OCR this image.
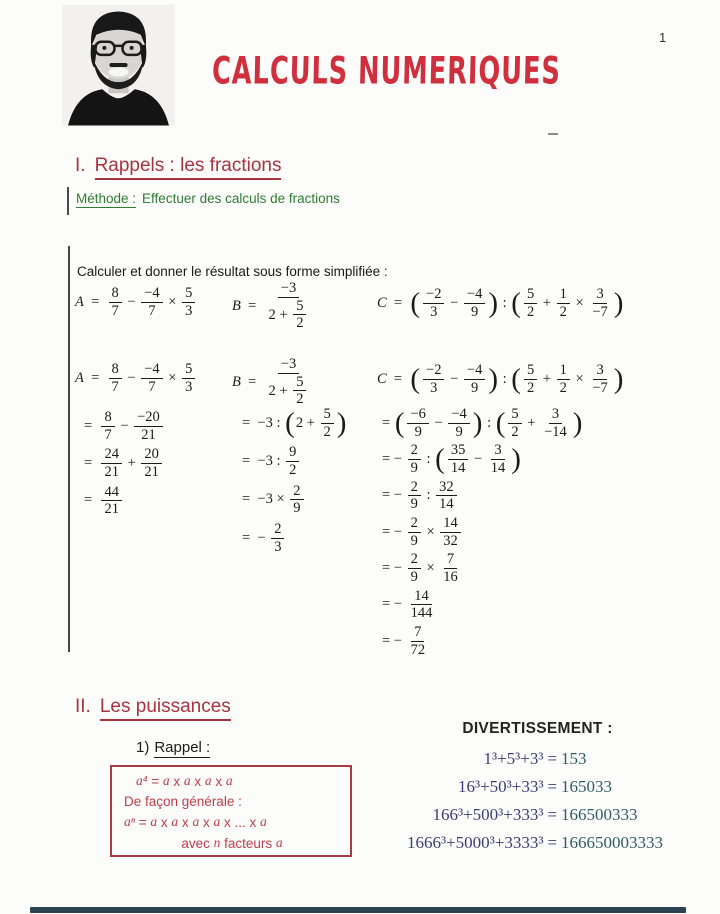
CALCULS NUMERIQUES
1
I. Rappels : les fractions
Méthode : Effectuer des calculs de fractions
Calculer et donner le résultat sous forme simplifiée :
$A = \frac{8}{7} - \frac{-4}{7} \times \frac{5}{3}$	$B = \frac{-3}{2 + \frac{5}{2}}$	C = ( $\frac{-2}{3} - \frac{-4}{9}$ ) : ( $\frac{5}{2} + \frac{1}{2} \times \frac{3}{-7}$ )
$A = \frac{8}{7} - \frac{-4}{7} \times \frac{5}{3}$	$B = \frac{-3}{2 + \frac{5}{2}}$	C = ( $\frac{-2}{3} - \frac{-4}{9}$ ) : ( $\frac{5}{2} + \frac{1}{2} \times \frac{3}{-7}$ )
= $\frac{8}{7} - \frac{-20}{21}$
= $\frac{24}{21} + \frac{20}{21}$
= $\frac{44}{21}$
=  −3 : ( $2 + \frac{5}{2}$ )
=  −3 : $\frac{9}{2}$
=  $-3 \times \frac{2}{9}$
=  − $\frac{2}{3}$
= ( $\frac{-6}{9} - \frac{-4}{9}$ ) : ( $\frac{5}{2} + \frac{3}{-14}$ )
= − $\frac{2}{9}$ : ( $\frac{35}{14} - \frac{3}{14}$ )
= − $\frac{2}{9}$ : $\frac{32}{14}$
= − $\frac{2}{9} \times \frac{14}{32}$
= − $\frac{2}{9} \times \frac{7}{16}$
= − $\frac{14}{144}$
= − $\frac{7}{72}$
II. Les puissances
1) Rappel :
a⁴ = a x a x a x a
De façon générale :
aⁿ = a x a x a x a x ... x a
avec n facteurs a
DIVERTISSEMENT :
1³+5³+3³ = 153
16³+50³+33³ = 165033
166³+500³+333³ = 166500333
1666³+5000³+3333³ = 166650003333
